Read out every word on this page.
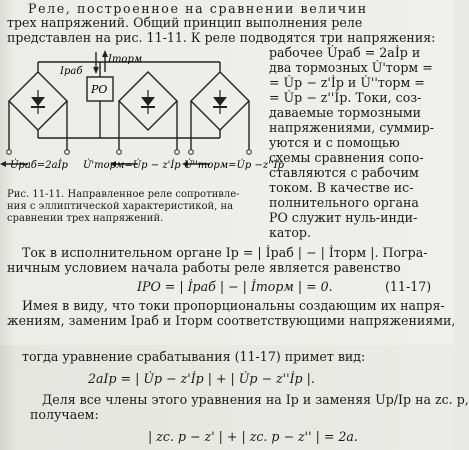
Реле, построенное на сравнении величин
трех напряжений. Общий принцип выполнения реле
представлен на рис. 11-11. К реле подводятся три напряжения:
Iраб
Iторм
РО
U̇раб=2aİр U̇'торм=U̇р − z'İр U̇''торм=U̇р −z''İр
рабочее U̇раб = 2aİр и
два тормозных U̇'торм =
= U̇р − z'İр и U̇''торм =
= U̇р − z''İр. Токи, соз-
даваемые тормозными
напряжениями, суммир-
уются и с помощью
схемы сравнения сопо-
ставляются с рабочим
током. В качестве ис-
полнительного органа
РО служит нуль-инди-
катор.
Рис. 11-11. Направленное реле сопротивле-
ния с эллиптической характеристикой, на
сравнении трех напряжений.
Ток в исполнительном органе Iр = | İраб | − | İторм |. Погра-
ничным условием начала работы реле является равенство
IРО = | İраб | − | İторм | = 0.	(11-17)
Имея в виду, что токи пропорциональны создающим их напря-
жениям, заменим Iраб и Iторм соответствующими напряжениями,
тогда уравнение срабатывания (11-17) примет вид:
2aIр = | U̇р − z'İр | + | U̇р − z''İр |.
Деля все члены этого уравнения на Iр и заменяя Uр/Iр на zс. р,
получаем:
| zс. р − z' | + | zс. р − z'' | = 2a.
